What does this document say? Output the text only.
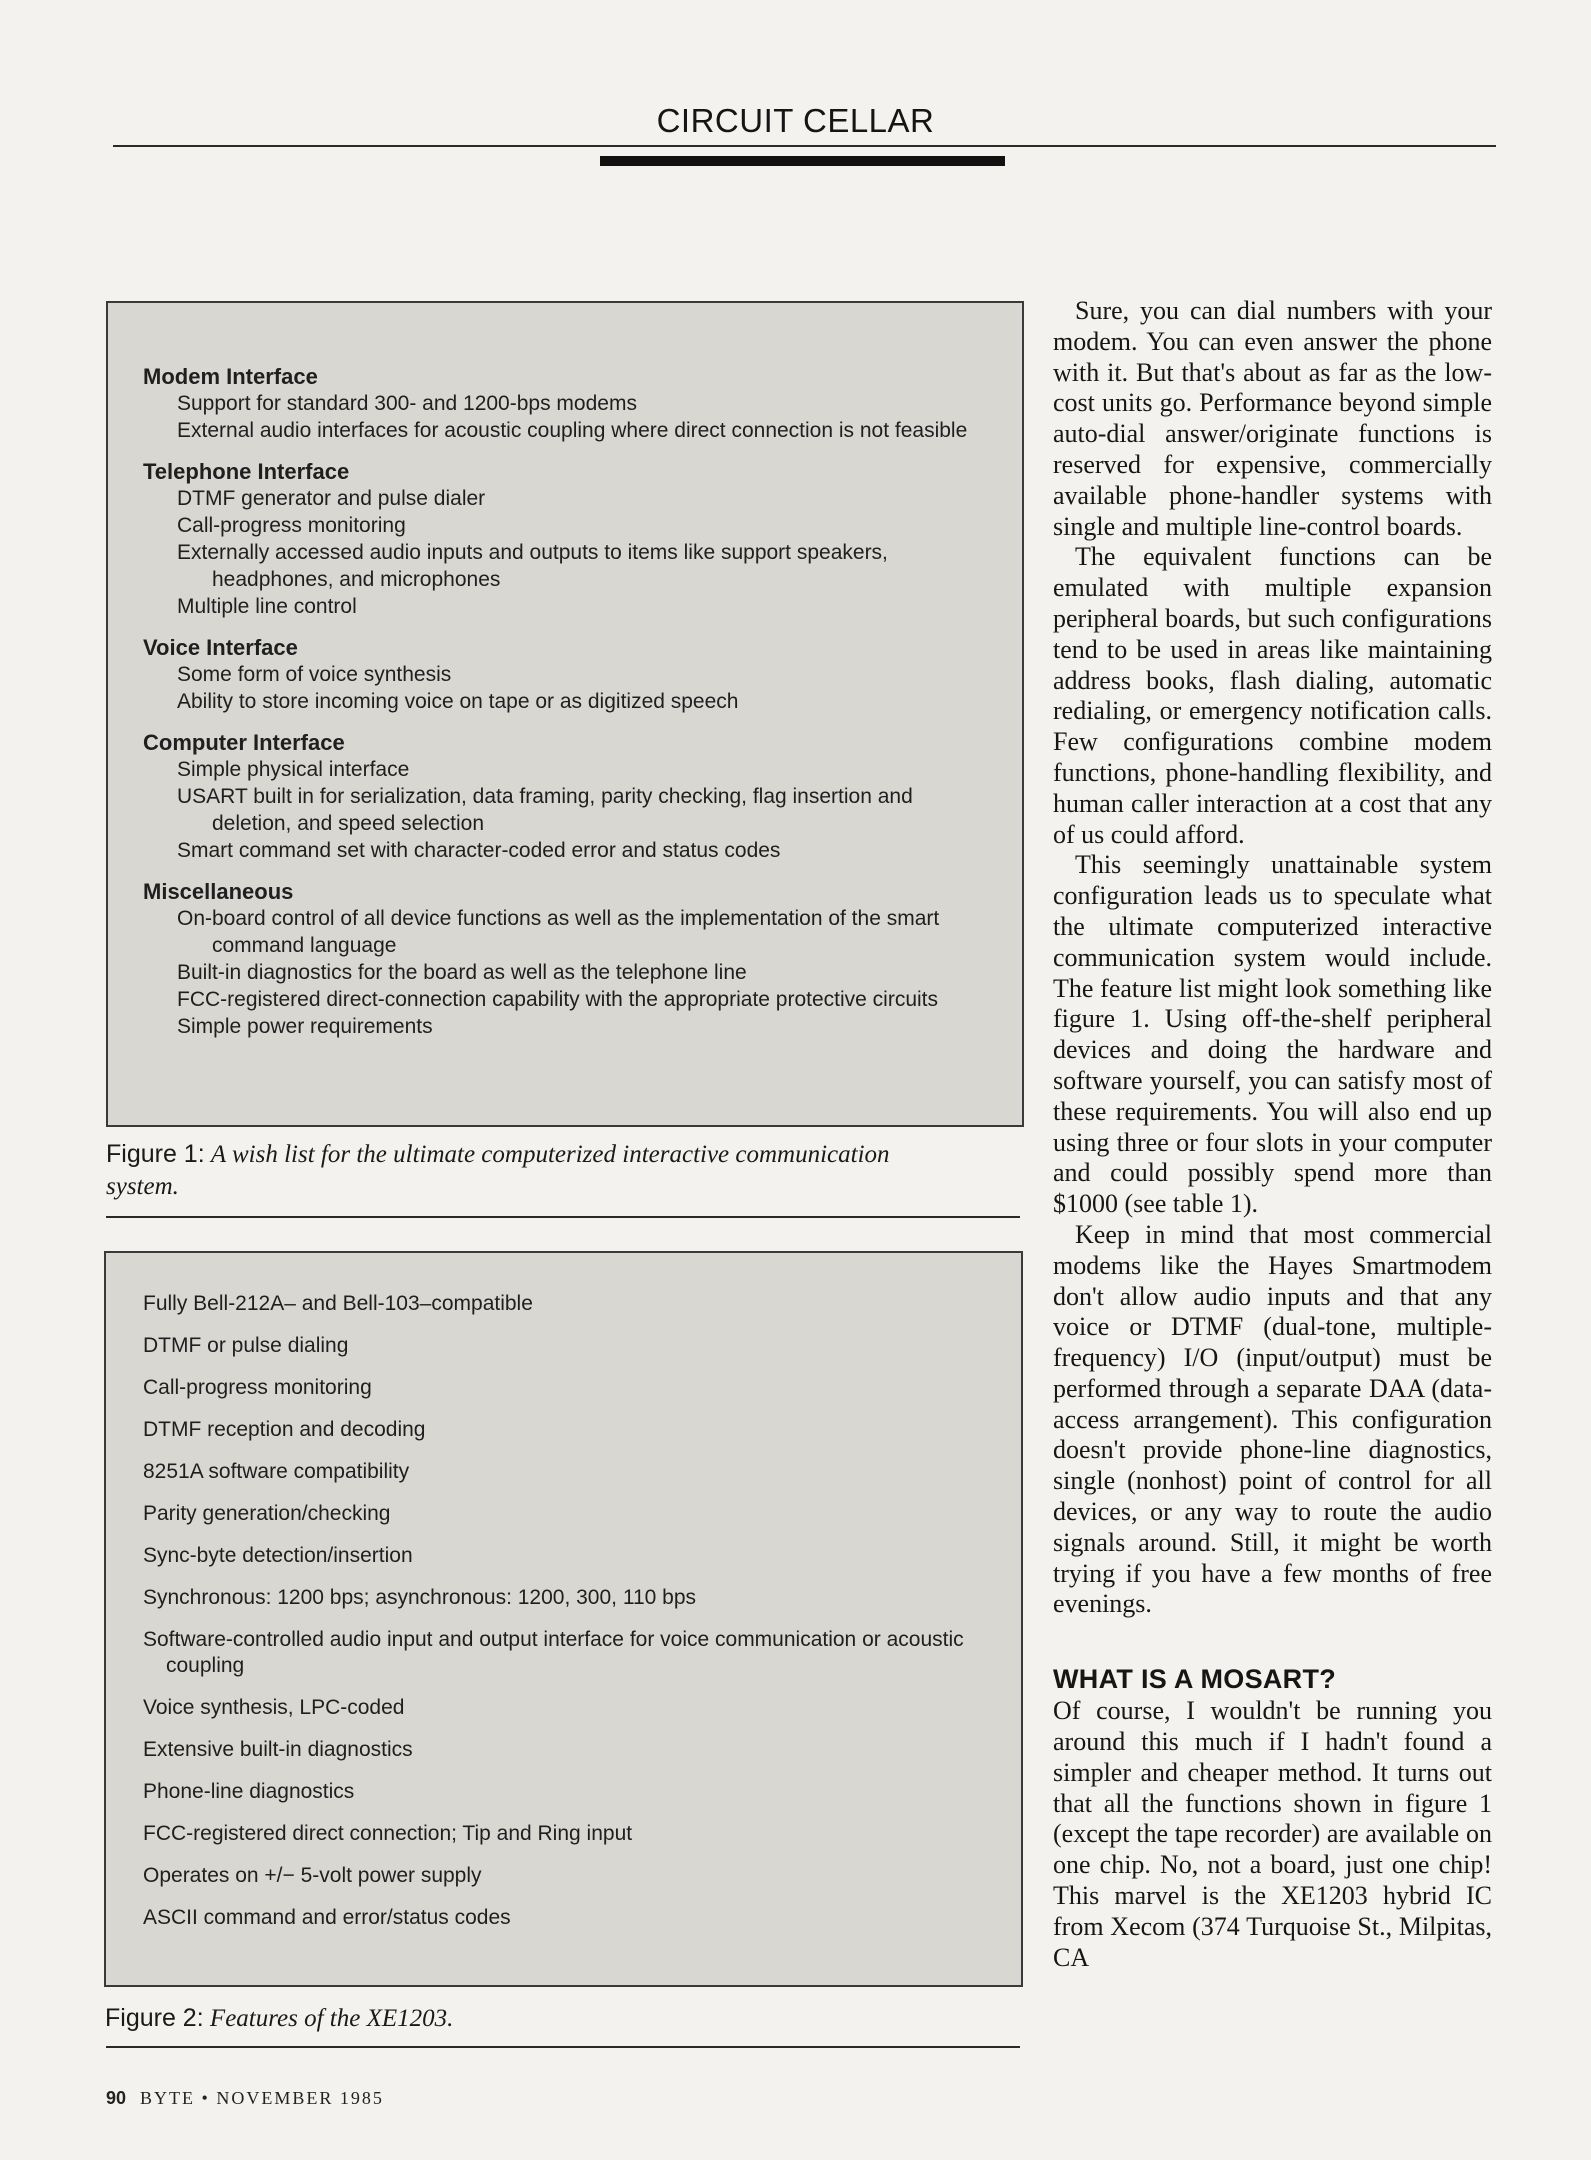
CIRCUIT CELLAR
Modem Interface
Support for standard 300- and 1200-bps modems
External audio interfaces for acoustic coupling where direct connection is not feasible
Telephone Interface
DTMF generator and pulse dialer
Call-progress monitoring
Externally accessed audio inputs and outputs to items like support speakers, headphones, and microphones
Multiple line control
Voice Interface
Some form of voice synthesis
Ability to store incoming voice on tape or as digitized speech
Computer Interface
Simple physical interface
USART built in for serialization, data framing, parity checking, flag insertion and deletion, and speed selection
Smart command set with character-coded error and status codes
Miscellaneous
On-board control of all device functions as well as the implementation of the smart command language
Built-in diagnostics for the board as well as the telephone line
FCC-registered direct-connection capability with the appropriate protective circuits
Simple power requirements
Figure 1: A wish list for the ultimate computerized interactive communication system.
Fully Bell-212A– and Bell-103–compatible
DTMF or pulse dialing
Call-progress monitoring
DTMF reception and decoding
8251A software compatibility
Parity generation/checking
Sync-byte detection/insertion
Synchronous: 1200 bps; asynchronous: 1200, 300, 110 bps
Software-controlled audio input and output interface for voice communication or acoustic coupling
Voice synthesis, LPC-coded
Extensive built-in diagnostics
Phone-line diagnostics
FCC-registered direct connection; Tip and Ring input
Operates on +/− 5-volt power supply
ASCII command and error/status codes
Figure 2: Features of the XE1203.

Sure, you can dial numbers with your modem. You can even answer the phone with it. But that's about as far as the low-cost units go. Performance beyond simple auto-dial answer/originate functions is reserved for expensive, commercially available phone-handler systems with single and multiple line-control boards.

The equivalent functions can be emulated with multiple expansion peripheral boards, but such configurations tend to be used in areas like maintaining address books, flash dialing, automatic redialing, or emergency notification calls. Few configurations combine modem functions, phone-handling flexibility, and human caller interaction at a cost that any of us could afford.

This seemingly unattainable system configuration leads us to speculate what the ultimate computerized interactive communication system would include. The feature list might look something like figure 1. Using off-the-shelf peripheral devices and doing the hardware and software yourself, you can satisfy most of these requirements. You will also end up using three or four slots in your computer and could possibly spend more than $1000 (see table 1).

Keep in mind that most commercial modems like the Hayes Smartmodem don't allow audio inputs and that any voice or DTMF (dual-tone, multiple-frequency) I/O (input/output) must be performed through a separate DAA (data-access arrangement). This configuration doesn't provide phone-line diagnostics, single (nonhost) point of control for all devices, or any way to route the audio signals around. Still, it might be worth trying if you have a few months of free evenings.

WHAT IS A MOSART?

Of course, I wouldn't be running you around this much if I hadn't found a simpler and cheaper method. It turns out that all the functions shown in figure 1 (except the tape recorder) are available on one chip. No, not a board, just one chip! This marvel is the XE1203 hybrid IC from Xecom (374 Turquoise St., Milpitas, CA

90 BYTE • NOVEMBER 1985
